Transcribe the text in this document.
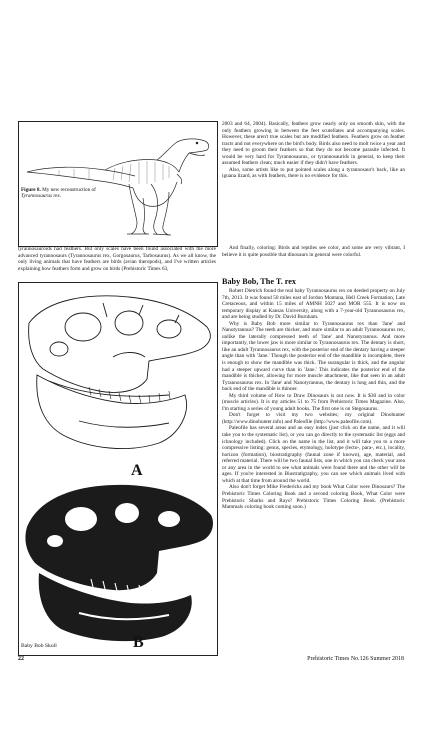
Figure 8. My new reconstruction of
Tyrannosaurus rex.

2003 and 64, 2004). Basically, feathers grow nearly only on smooth skin, with the only feathers growing in between the feet scutellates and accompanying scales. However, these aren't true scales but are modified feathers. Feathers grow on feather tracts and not everywhere on the bird's body. Birds also need to molt twice a year and they need to groom their feathers so that they do not become parasite infected. It would be very hard for Tyrannosaurus, or tyrannosaurids in general, to keep their assumed feathers clean; much easier if they didn't have feathers.

Also, some artists like to put pointed scales along a tyrannosaur's back, like an iguana lizard, as with feathers, there is no evidence for this.

And finally, coloring: Birds and reptiles see color, and some are very vibrant, I believe it is quite possible that dinosaurs in general were colorful.

tyrannosauroids had feathers. But only scales have been found associated with the more advanced tyrannosaurs (Tyrannosaurus rex, Gorgosaurus, Tarbosaurus). As we all know, the only living animals that have feathers are birds (avian theropods), and I've written articles explaining how feathers form and grow on birds (Prehistoric Times 63,

Baby Bob, The T. rex

Robert Dietrich found the real baby Tyrannosaurus rex on deeded property on July 7th, 2013. It was found 50 miles east of Jordon Montana, Hell Creek Formation, Late Cretaceous, and within 15 miles of AMNH 5027 and MOR 555. It is now on temporary display at Kansas University, along with a 7-year-old Tyrannosaurus rex, and are being studied by Dr. David Burnham.

Why is Baby Bob more similar to Tyrannosaurus rex than 'Jane' and Nanotyrannus? The teeth are thicker, and more similar to an adult Tyrannosaurus rex, unlike the laterally compressed teeth of 'Jane' and Nanotyrannus. And more importantly, the lower jaw is more similar to Tyrannosaurus rex. The dentary is short, like an adult Tyrannosaurus rex, with the posterior end of the dentary having a steeper angle than with 'Jane.' Though the posterior end of the mandible is incomplete, there is enough to show the mandible was thick. The surangular is thick, and the angular had a steeper upward curve than in 'Jane.' This indicates the posterior end of the mandible is thicker, allowing for more muscle attachment, like that seen in an adult Tyrannosaurus rex. In 'Jane' and Nanotyrannus, the dentary is long and thin, and the back end of the mandible is thinner.

My third volume of How to Draw Dinosaurs is out now. It is $30 and in color (muscle articles). It is my articles 51 to 75 from Prehistoric Times Magazine. Also, I'm starting a series of young adult books. The first one is on Stegosaurus.

Don't forget to visit my two websites; my original Dinohunter (http://www.dinohunter.info) and Paleofile (http://www.paleofile.com).

Paleofile has several areas and an easy index (just click on the name, and it will take you to the systematic list), or you can go directly to the systematic list (eggs and ichnology included). Click on the name in the list, and it will take you to a more compressive listing: genus, species, etymology, holotype (lecto-, para-, etc.), locality, horizon (formation), biostratigraphy (faunal zone if known), age, material, and referred material. There will be two faunal lists, one in which you can check your area or any area in the world to see what animals were found there and the other will be ages. If you're interested in Biostratigraphy, you can see which animals lived with which at that time from around the world.

Also don't forget Mike Fredericks and my book What Color were Dinosaurs? The Prehistoric Times Coloring Book and a second coloring Book, What Color were Prehistoric Sharks and Rays? Prehistoric Times Coloring Book. (Prehistoric Mammals coloring book coming soon.)

A
B
Baby Bob Skull
22	Prehistoric Times No.126 Summer 2018
